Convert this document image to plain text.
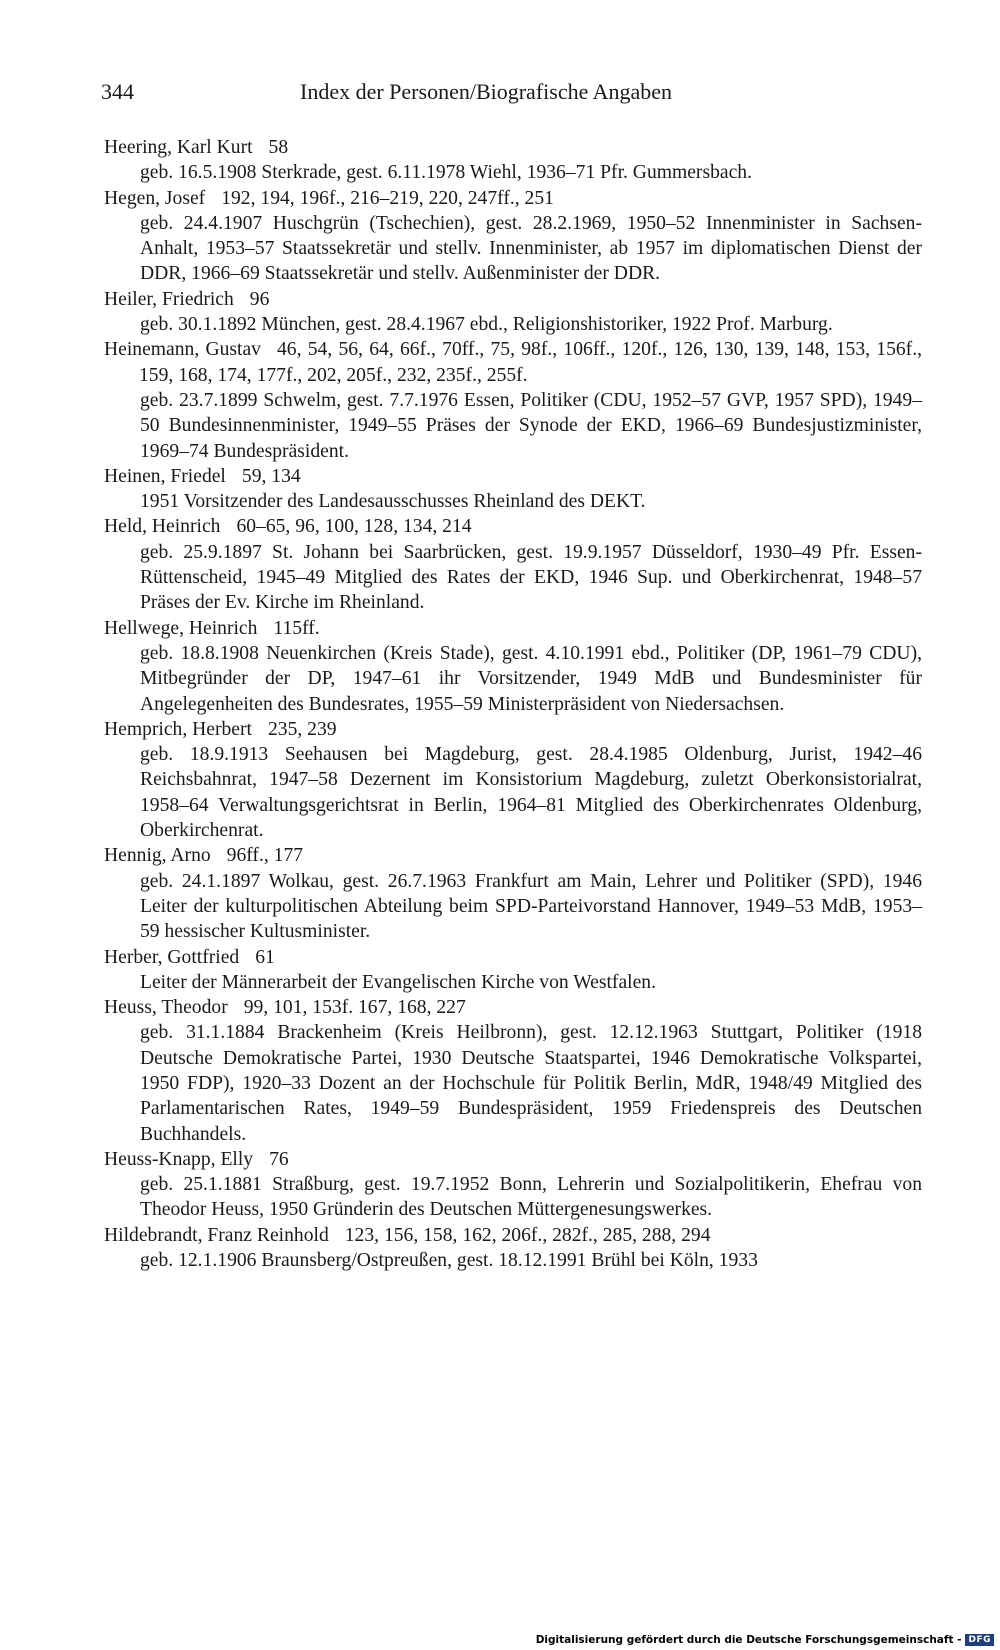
344	Index der Personen/Biografische Angaben
Heering, Karl Kurt 58
geb. 16.5.1908 Sterkrade, gest. 6.11.1978 Wiehl, 1936–71 Pfr. Gummersbach.
Hegen, Josef 192, 194, 196f., 216–219, 220, 247ff., 251
geb. 24.4.1907 Huschgrün (Tschechien), gest. 28.2.1969, 1950–52 Innenminister in Sachsen-Anhalt, 1953–57 Staatssekretär und stellv. Innenminister, ab 1957 im diplomatischen Dienst der DDR, 1966–69 Staatssekretär und stellv. Außenminister der DDR.
Heiler, Friedrich 96
geb. 30.1.1892 München, gest. 28.4.1967 ebd., Religionshistoriker, 1922 Prof. Marburg.
Heinemann, Gustav 46, 54, 56, 64, 66f., 70ff., 75, 98f., 106ff., 120f., 126, 130, 139, 148, 153, 156f., 159, 168, 174, 177f., 202, 205f., 232, 235f., 255f.
geb. 23.7.1899 Schwelm, gest. 7.7.1976 Essen, Politiker (CDU, 1952–57 GVP, 1957 SPD), 1949–50 Bundesinnenminister, 1949–55 Präses der Synode der EKD, 1966–69 Bundesjustizminister, 1969–74 Bundespräsident.
Heinen, Friedel 59, 134
1951 Vorsitzender des Landesausschusses Rheinland des DEKT.
Held, Heinrich 60–65, 96, 100, 128, 134, 214
geb. 25.9.1897 St. Johann bei Saarbrücken, gest. 19.9.1957 Düsseldorf, 1930–49 Pfr. Essen-Rüttenscheid, 1945–49 Mitglied des Rates der EKD, 1946 Sup. und Oberkirchenrat, 1948–57 Präses der Ev. Kirche im Rheinland.
Hellwege, Heinrich 115ff.
geb. 18.8.1908 Neuenkirchen (Kreis Stade), gest. 4.10.1991 ebd., Politiker (DP, 1961–79 CDU), Mitbegründer der DP, 1947–61 ihr Vorsitzender, 1949 MdB und Bundesminister für Angelegenheiten des Bundesrates, 1955–59 Ministerpräsident von Niedersachsen.
Hemprich, Herbert 235, 239
geb. 18.9.1913 Seehausen bei Magdeburg, gest. 28.4.1985 Oldenburg, Jurist, 1942–46 Reichsbahnrat, 1947–58 Dezernent im Konsistorium Magdeburg, zuletzt Oberkonsistorialrat, 1958–64 Verwaltungsgerichtsrat in Berlin, 1964–81 Mitglied des Oberkirchenrates Oldenburg, Oberkirchenrat.
Hennig, Arno 96ff., 177
geb. 24.1.1897 Wolkau, gest. 26.7.1963 Frankfurt am Main, Lehrer und Politiker (SPD), 1946 Leiter der kulturpolitischen Abteilung beim SPD-Parteivorstand Hannover, 1949–53 MdB, 1953–59 hessischer Kultusminister.
Herber, Gottfried 61
Leiter der Männerarbeit der Evangelischen Kirche von Westfalen.
Heuss, Theodor 99, 101, 153f. 167, 168, 227
geb. 31.1.1884 Brackenheim (Kreis Heilbronn), gest. 12.12.1963 Stuttgart, Politiker (1918 Deutsche Demokratische Partei, 1930 Deutsche Staatspartei, 1946 Demokratische Volkspartei, 1950 FDP), 1920–33 Dozent an der Hochschule für Politik Berlin, MdR, 1948/49 Mitglied des Parlamentarischen Rates, 1949–59 Bundespräsident, 1959 Friedenspreis des Deutschen Buchhandels.
Heuss-Knapp, Elly 76
geb. 25.1.1881 Straßburg, gest. 19.7.1952 Bonn, Lehrerin und Sozialpolitikerin, Ehefrau von Theodor Heuss, 1950 Gründerin des Deutschen Müttergenesungswerkes.
Hildebrandt, Franz Reinhold 123, 156, 158, 162, 206f., 282f., 285, 288, 294
geb. 12.1.1906 Braunsberg/Ostpreußen, gest. 18.12.1991 Brühl bei Köln, 1933
Digitalisierung gefördert durch die Deutsche Forschungsgemeinschaft - DFG
